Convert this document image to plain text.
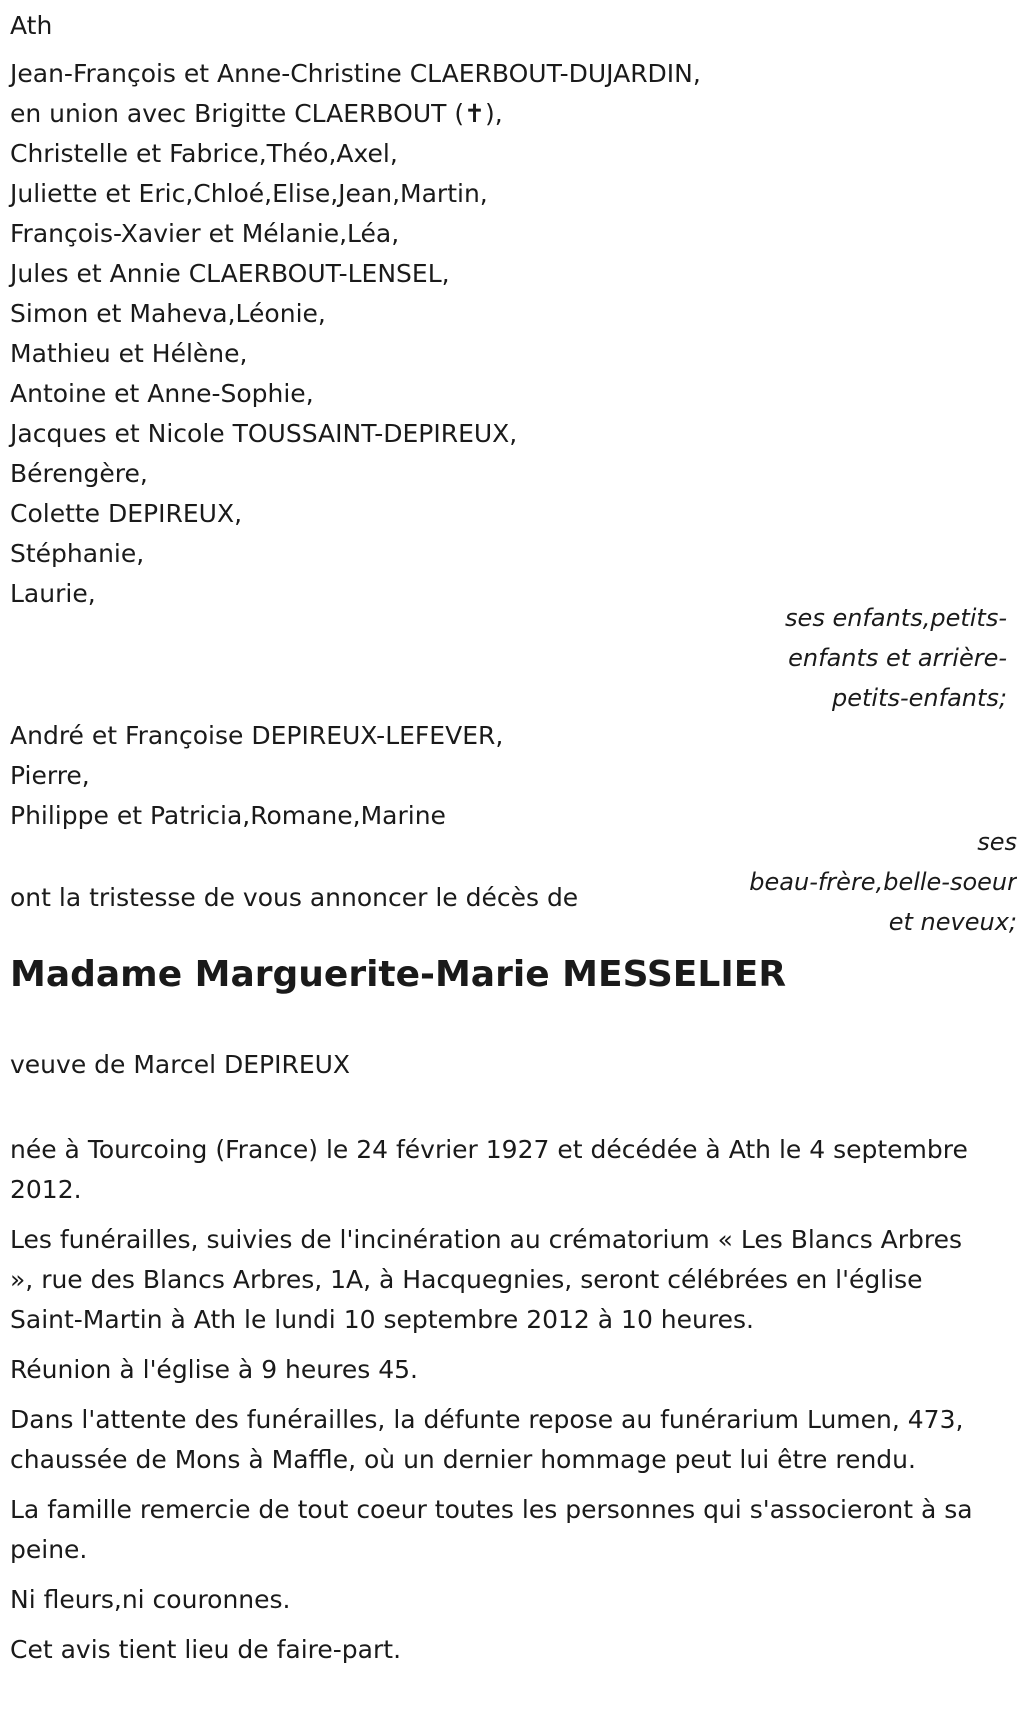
Ath

Jean-François et Anne-Christine CLAERBOUT-DUJARDIN,

en union avec Brigitte CLAERBOUT (✝),

Christelle et Fabrice,Théo,Axel,

Juliette et Eric,Chloé,Elise,Jean,Martin,

François-Xavier et Mélanie,Léa,

Jules et Annie CLAERBOUT-LENSEL,

Simon et Maheva,Léonie,

Mathieu et Hélène,

Antoine et Anne-Sophie,

Jacques et Nicole TOUSSAINT-DEPIREUX,

Bérengère,

Colette DEPIREUX,

Stéphanie,

Laurie,

ses enfants,petits-
enfants et arrière-
petits-enfants;

André et Françoise DEPIREUX-LEFEVER,

Pierre,

Philippe et Patricia,Romane,Marine

ses
beau-frère,belle-soeur
et neveux;
ont la tristesse de vous annoncer le décès de
Madame Marguerite-Marie MESSELIER
veuve de Marcel DEPIREUX

née à Tourcoing (France) le 24 février 1927 et décédée à Ath le 4 septembre 2012.

Les funérailles, suivies de l'incinération au crématorium « Les Blancs Arbres », rue des Blancs Arbres, 1A, à Hacquegnies, seront célébrées en l'église Saint-Martin à Ath le lundi 10 septembre 2012 à 10 heures.

Réunion à l'église à 9 heures 45.

Dans l'attente des funérailles, la défunte repose au funérarium Lumen, 473, chaussée de Mons à Maffle, où un dernier hommage peut lui être rendu.

La famille remercie de tout coeur toutes les personnes qui s'associeront à sa peine.

Ni fleurs,ni couronnes.

Cet avis tient lieu de faire-part.
